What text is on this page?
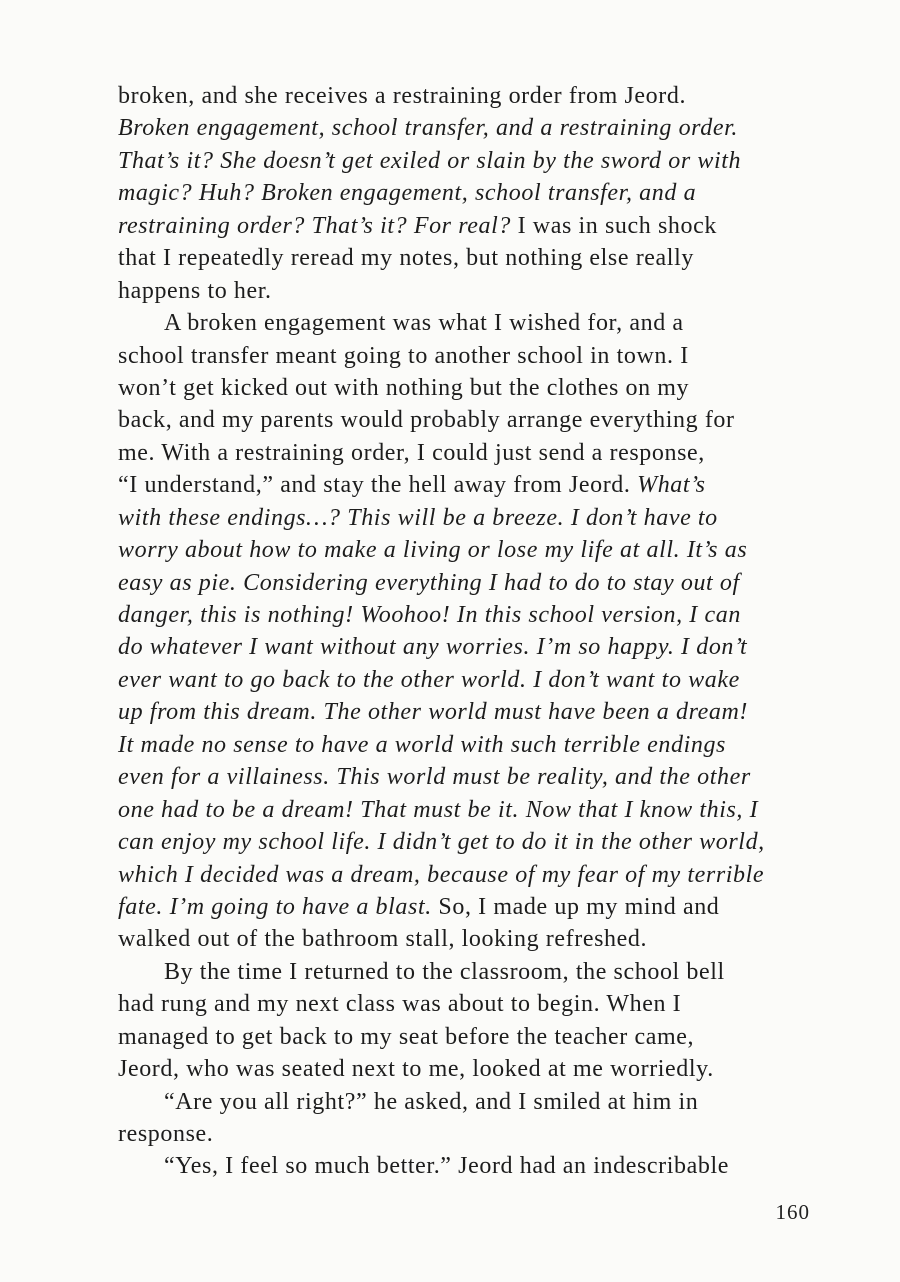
broken, and she receives a restraining order from Jeord.
Broken engagement, school transfer, and a restraining order.
That’s it? She doesn’t get exiled or slain by the sword or with
magic? Huh? Broken engagement, school transfer, and a
restraining order? That’s it? For real? I was in such shock
that I repeatedly reread my notes, but nothing else really
happens to her.
A broken engagement was what I wished for, and a
school transfer meant going to another school in town. I
won’t get kicked out with nothing but the clothes on my
back, and my parents would probably arrange everything for
me. With a restraining order, I could just send a response,
“I understand,” and stay the hell away from Jeord. What’s
with these endings…? This will be a breeze. I don’t have to
worry about how to make a living or lose my life at all. It’s as
easy as pie. Considering everything I had to do to stay out of
danger, this is nothing! Woohoo! In this school version, I can
do whatever I want without any worries. I’m so happy. I don’t
ever want to go back to the other world. I don’t want to wake
up from this dream. The other world must have been a dream!
It made no sense to have a world with such terrible endings
even for a villainess. This world must be reality, and the other
one had to be a dream! That must be it. Now that I know this, I
can enjoy my school life. I didn’t get to do it in the other world,
which I decided was a dream, because of my fear of my terrible
fate. I’m going to have a blast. So, I made up my mind and
walked out of the bathroom stall, looking refreshed.
By the time I returned to the classroom, the school bell
had rung and my next class was about to begin. When I
managed to get back to my seat before the teacher came,
Jeord, who was seated next to me, looked at me worriedly.
“Are you all right?” he asked, and I smiled at him in
response.
“Yes, I feel so much better.” Jeord had an indescribable
160
